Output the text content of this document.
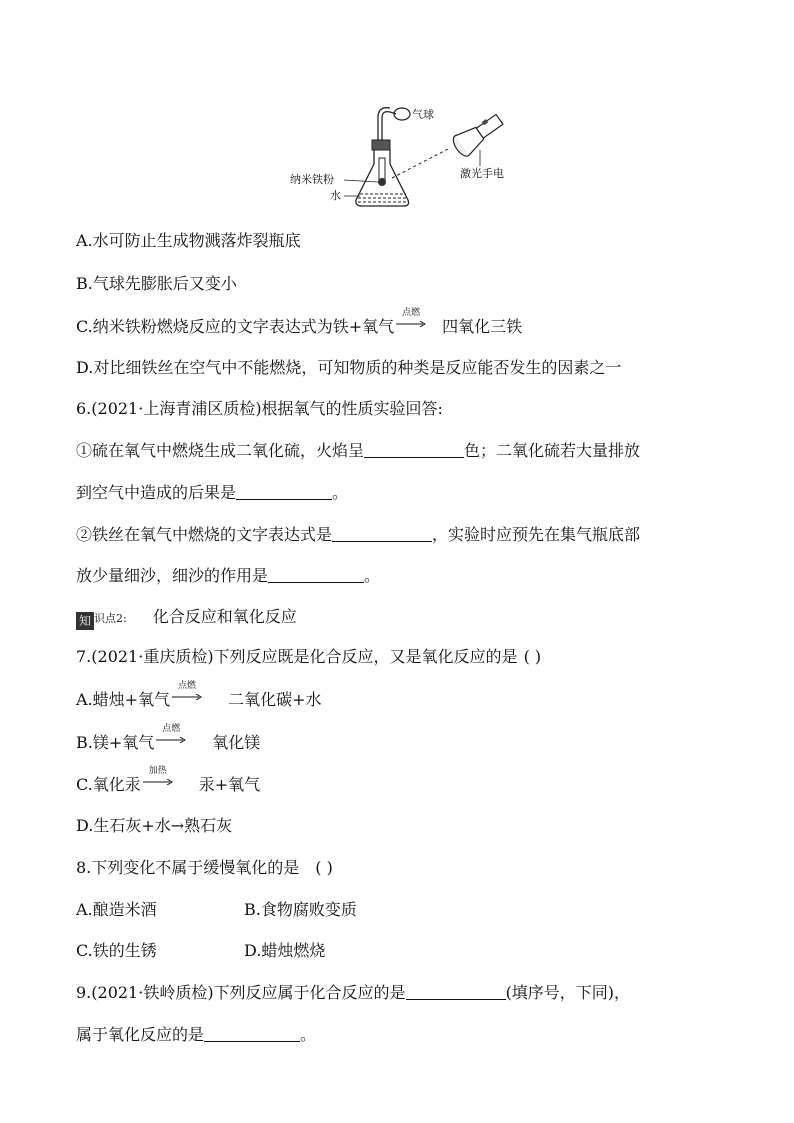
气球
纳米铁粉
水
激光手电
A.水可防止生成物溅落炸裂瓶底
B.气球先膨胀后又变小
C.纳米铁粉燃烧反应的文字表达式为铁+氧气
点燃
四氧化三铁
D.对比细铁丝在空气中不能燃烧，可知物质的种类是反应能否发生的因素之一
6.(2021·上海青浦区质检)根据氧气的性质实验回答:
①硫在氧气中燃烧生成二氧化硫，火焰呈	色；二氧化硫若大量排放
到空气中造成的后果是	。
②铁丝在氧气中燃烧的文字表达式是	，实验时应预先在集气瓶底部
放少量细沙，细沙的作用是	。
知 识点2: 化合反应和氧化反应
7.(2021·重庆质检)下列反应既是化合反应，又是氧化反应的是 ( )
A.蜡烛+氧气
点燃
二氧化碳+水
B.镁+氧气
点燃
氧化镁
C.氧化汞
加热
汞+氧气
D.生石灰+水→熟石灰
8.下列变化不属于缓慢氧化的是 ( )
A.酿造米酒	B.食物腐败变质
C.铁的生锈	D.蜡烛燃烧
9.(2021·铁岭质检)下列反应属于化合反应的是	(填序号，下同)，
属于氧化反应的是	。
